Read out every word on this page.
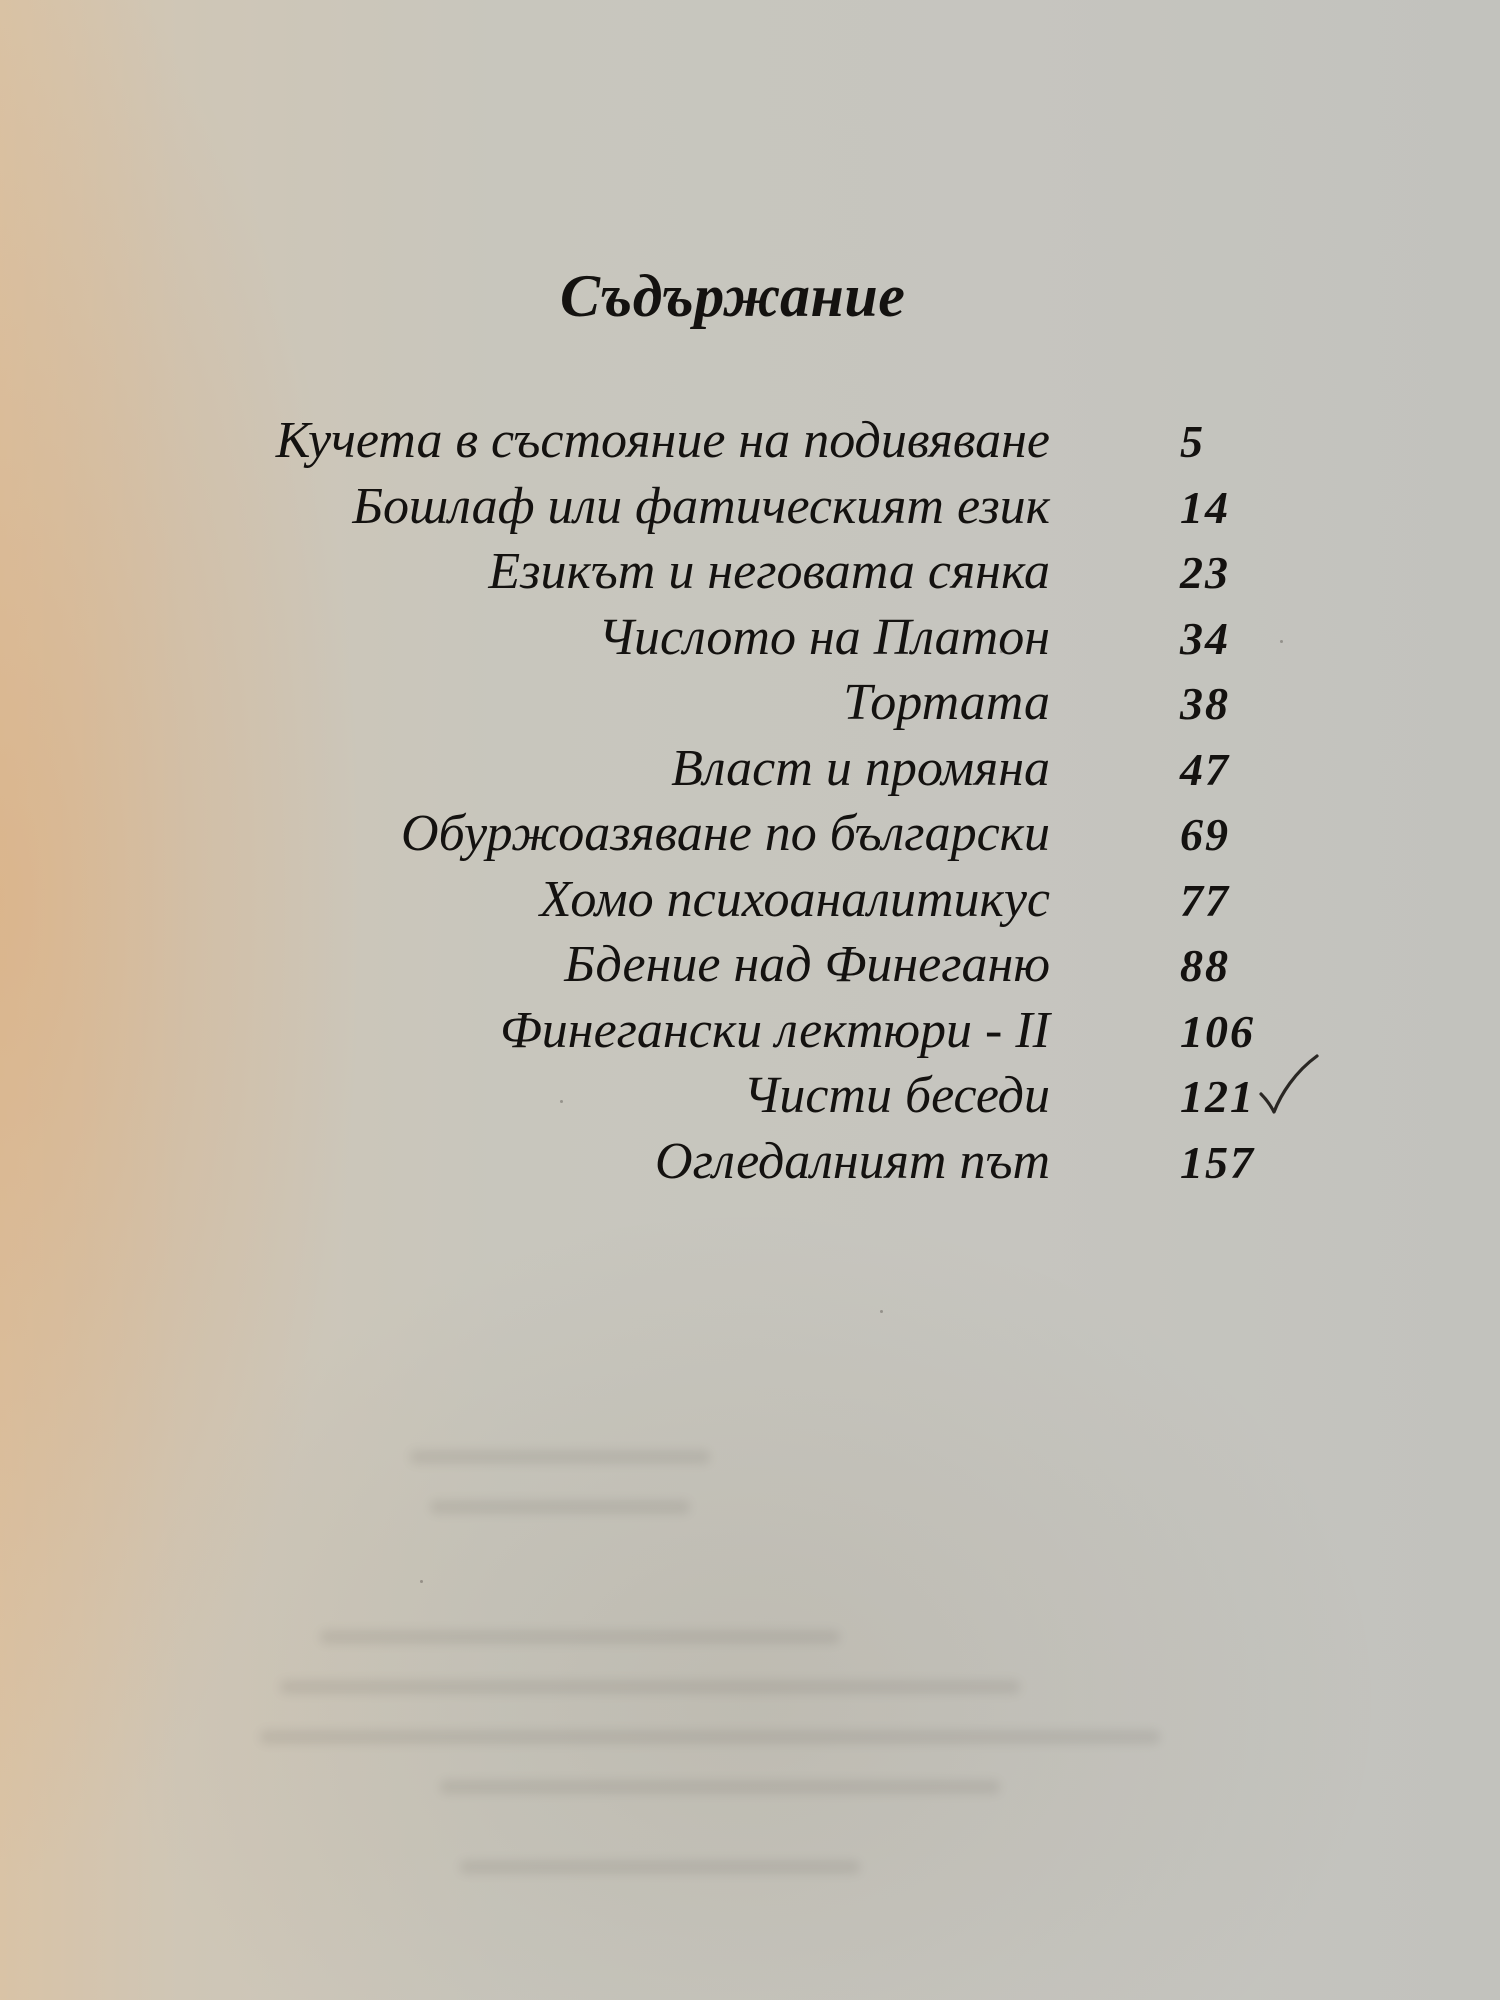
Съдържание
Кучета в състояние на подивяване	5
Бошлаф или фатическият език	14
Езикът и неговата сянка	23
Числото на Платон	34
Тортата	38
Власт и промяна	47
Обуржоазяване по български	69
Хомо психоаналитикус	77
Бдение над Финеганю	88
Финегански лектюри - II	106
Чисти беседи	121
Огледалният път	157
